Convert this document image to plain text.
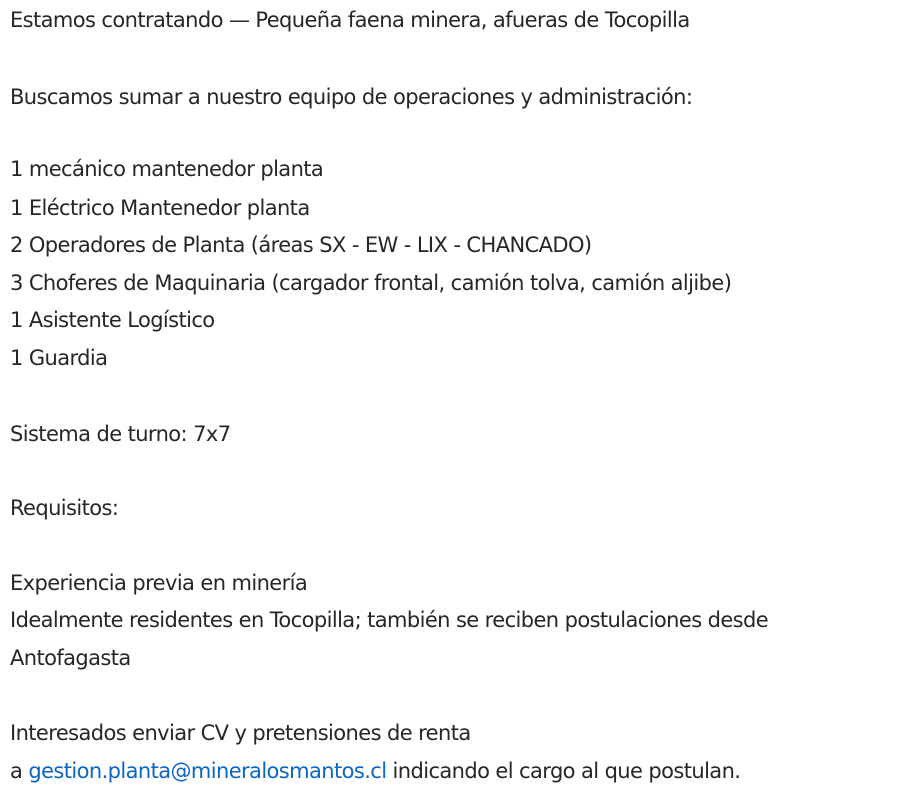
Estamos contratando — Pequeña faena minera, afueras de Tocopilla
Buscamos sumar a nuestro equipo de operaciones y administración:
1 mecánico mantenedor planta
1 Eléctrico Mantenedor planta
2 Operadores de Planta (áreas SX - EW - LIX - CHANCADO)
3 Choferes de Maquinaria (cargador frontal, camión tolva, camión aljibe)
1 Asistente Logístico
1 Guardia
Sistema de turno: 7x7
Requisitos:
Experiencia previa en minería
Idealmente residentes en Tocopilla; también se reciben postulaciones desde
Antofagasta
Interesados enviar CV y pretensiones de renta
a gestion.planta@mineralosmantos.cl indicando el cargo al que postulan.
